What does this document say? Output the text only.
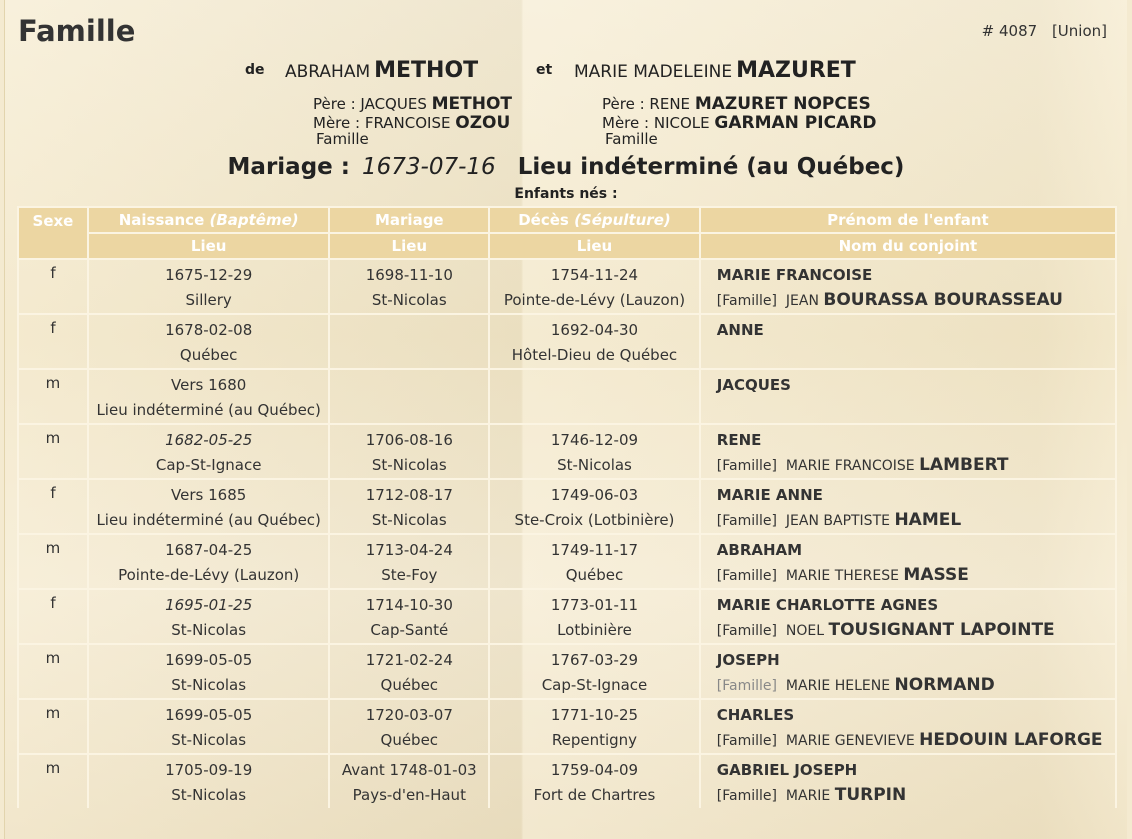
Famille	# 4087 [Union]
de ABRAHAM METHOT	et MARIE MADELEINE MAZURET
Père : JACQUES METHOT
Mère : FRANCOISE OZOU
Famille
Père : RENE MAZURET NOPCES
Mère : NICOLE GARMAN PICARD
Famille
Mariage : 1673-07-16 Lieu indéterminé (au Québec)
Enfants nés :
Sexe	Naissance (Baptême)	Mariage	Décès (Sépulture)	Prénom de l'enfant
	Lieu	Lieu	Lieu	Nom du conjoint
f	1675-12-29	1698-11-10	1754-11-24	MARIE FRANCOISE
	Sillery	St-Nicolas	Pointe-de-Lévy (Lauzon)	[Famille] JEAN BOURASSA BOURASSEAU
f	1678-02-08		1692-04-30	ANNE
	Québec		Hôtel-Dieu de Québec	
m	Vers 1680			JACQUES
	Lieu indéterminé (au Québec)			
m	1682-05-25	1706-08-16	1746-12-09	RENE
	Cap-St-Ignace	St-Nicolas	St-Nicolas	[Famille] MARIE FRANCOISE LAMBERT
f	Vers 1685	1712-08-17	1749-06-03	MARIE ANNE
	Lieu indéterminé (au Québec)	St-Nicolas	Ste-Croix (Lotbinière)	[Famille] JEAN BAPTISTE HAMEL
m	1687-04-25	1713-04-24	1749-11-17	ABRAHAM
	Pointe-de-Lévy (Lauzon)	Ste-Foy	Québec	[Famille] MARIE THERESE MASSE
f	1695-01-25	1714-10-30	1773-01-11	MARIE CHARLOTTE AGNES
	St-Nicolas	Cap-Santé	Lotbinière	[Famille] NOEL TOUSIGNANT LAPOINTE
m	1699-05-05	1721-02-24	1767-03-29	JOSEPH
	St-Nicolas	Québec	Cap-St-Ignace	[Famille] MARIE HELENE NORMAND
m	1699-05-05	1720-03-07	1771-10-25	CHARLES
	St-Nicolas	Québec	Repentigny	[Famille] MARIE GENEVIEVE HEDOUIN LAFORGE
m	1705-09-19	Avant 1748-01-03	1759-04-09	GABRIEL JOSEPH
	St-Nicolas	Pays-d'en-Haut	Fort de Chartres	[Famille] MARIE TURPIN
